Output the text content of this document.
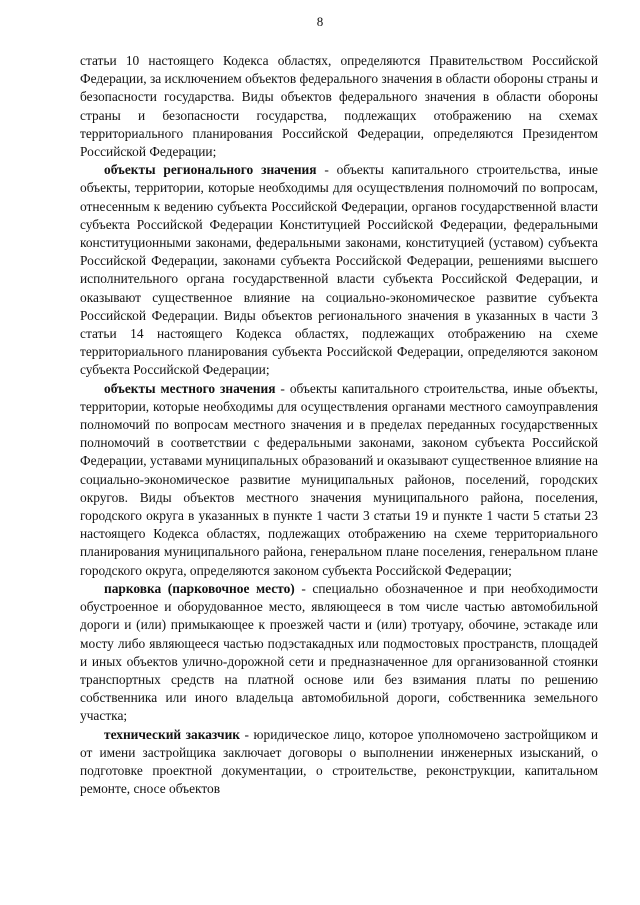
8

статьи 10 настоящего Кодекса областях, определяются Правительством Российской Федерации, за исключением объектов федерального значения в области обороны страны и безопасности государства. Виды объектов федерального значения в области обороны страны и безопасности государства, подлежащих отображению на схемах территориального планирования Российской Федерации, определяются Президентом Российской Федерации;

объекты регионального значения - объекты капитального строительства, иные объекты, территории, которые необходимы для осуществления полномочий по вопросам, отнесенным к ведению субъекта Российской Федерации, органов государственной власти субъекта Российской Федерации Конституцией Российской Федерации, федеральными конституционными законами, федеральными законами, конституцией (уставом) субъекта Российской Федерации, законами субъекта Российской Федерации, решениями высшего исполнительного органа государственной власти субъекта Российской Федерации, и оказывают существенное влияние на социально-экономическое развитие субъекта Российской Федерации. Виды объектов регионального значения в указанных в части 3 статьи 14 настоящего Кодекса областях, подлежащих отображению на схеме территориального планирования субъекта Российской Федерации, определяются законом субъекта Российской Федерации;

объекты местного значения - объекты капитального строительства, иные объекты, территории, которые необходимы для осуществления органами местного самоуправления полномочий по вопросам местного значения и в пределах переданных государственных полномочий в соответствии с федеральными законами, законом субъекта Российской Федерации, уставами муниципальных образований и оказывают существенное влияние на социально-экономическое развитие муниципальных районов, поселений, городских округов. Виды объектов местного значения муниципального района, поселения, городского округа в указанных в пункте 1 части 3 статьи 19 и пункте 1 части 5 статьи 23 настоящего Кодекса областях, подлежащих отображению на схеме территориального планирования муниципального района, генеральном плане поселения, генеральном плане городского округа, определяются законом субъекта Российской Федерации;

парковка (парковочное место) - специально обозначенное и при необходимости обустроенное и оборудованное место, являющееся в том числе частью автомобильной дороги и (или) примыкающее к проезжей части и (или) тротуару, обочине, эстакаде или мосту либо являющееся частью подэстакадных или подмостовых пространств, площадей и иных объектов улично-дорожной сети и предназначенное для организованной стоянки транспортных средств на платной основе или без взимания платы по решению собственника или иного владельца автомобильной дороги, собственника земельного участка;

технический заказчик - юридическое лицо, которое уполномочено застройщиком и от имени застройщика заключает договоры о выполнении инженерных изысканий, о подготовке проектной документации, о строительстве, реконструкции, капитальном ремонте, сносе объектов
